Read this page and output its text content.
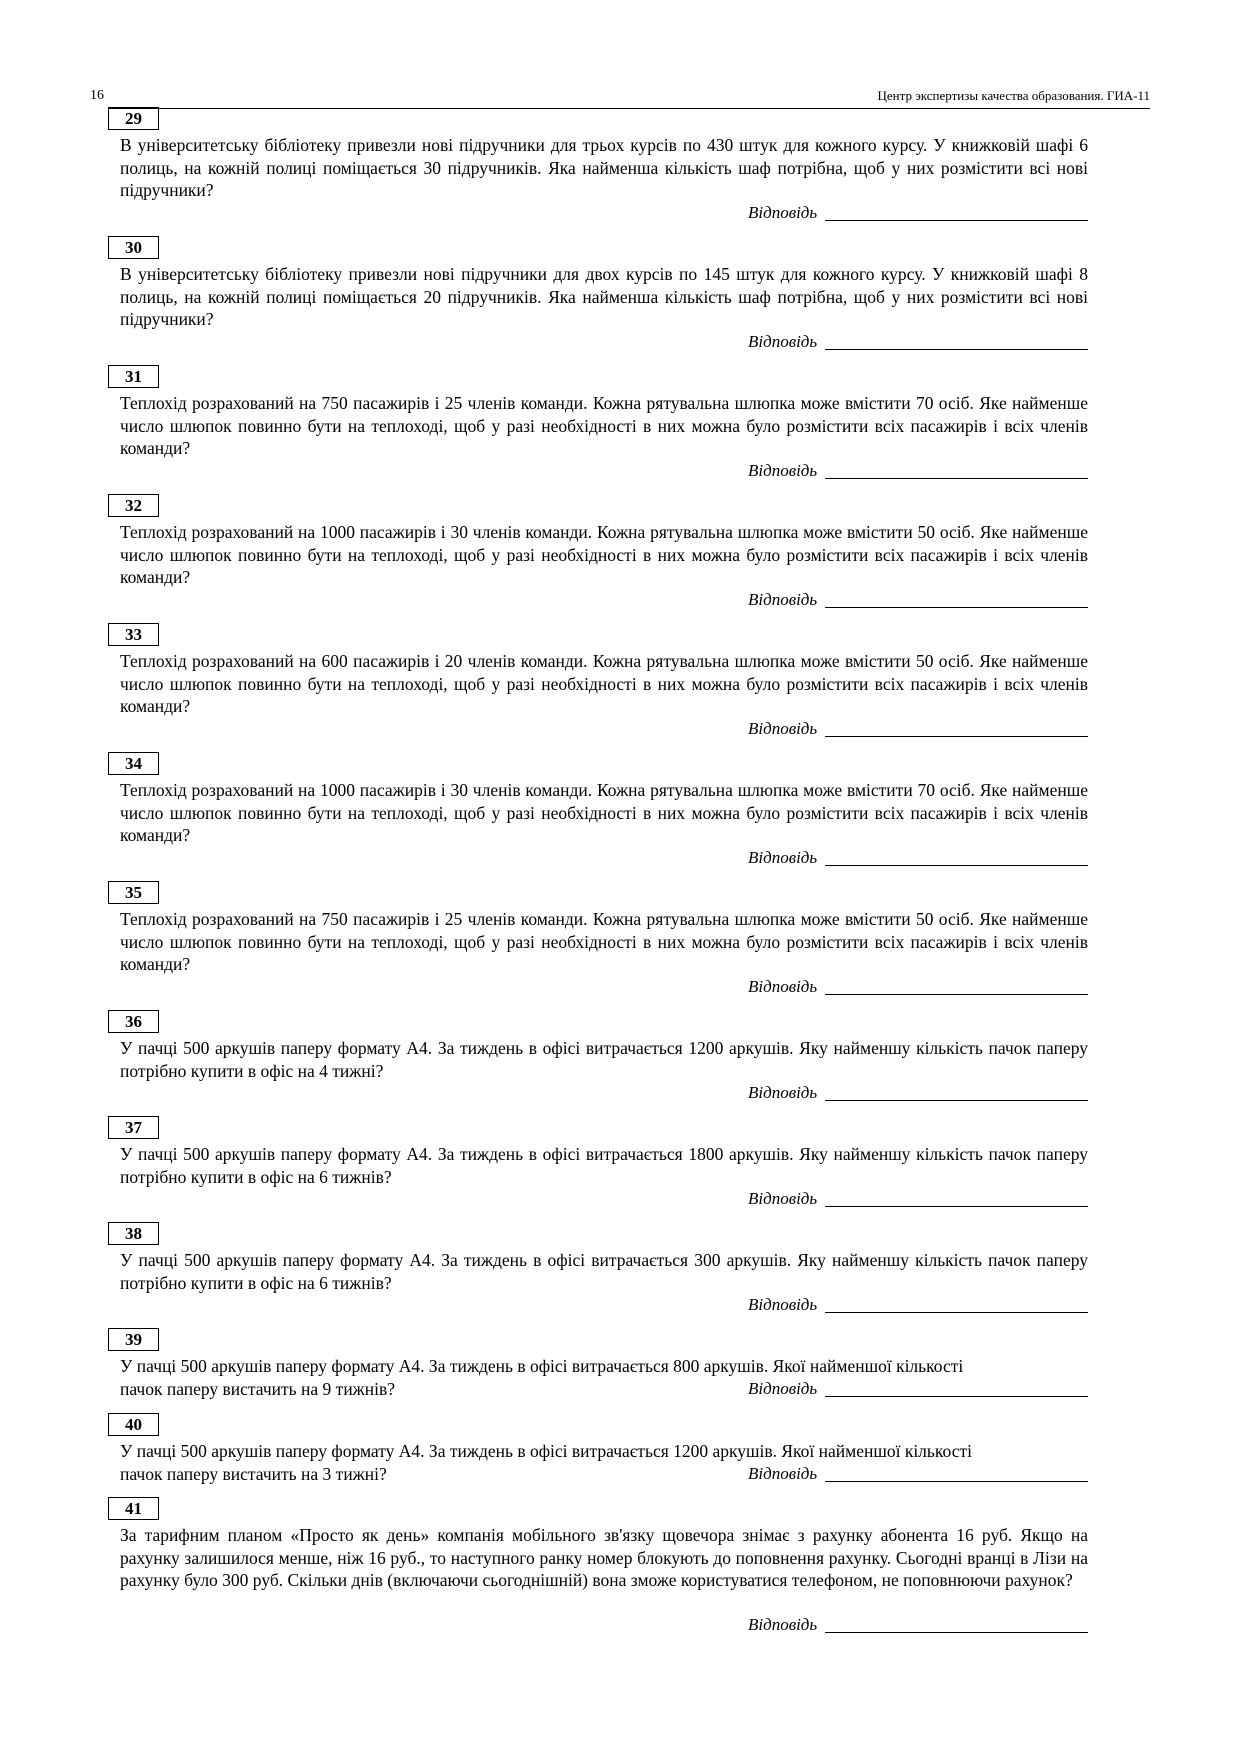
16	Центр экспертизы качества образования. ГИА-11
29
В університетську бібліотеку привезли нові підручники для трьох курсів по 430 штук для кожного курсу. У книжковій шафі 6 полиць, на кожній полиці поміщається 30 підручників. Яка найменша кількість шаф потрібна, щоб у них розмістити всі нові підручники?
Відповідь
30
В університетську бібліотеку привезли нові підручники для двох курсів по 145 штук для кожного курсу. У книжковій шафі 8 полиць, на кожній полиці поміщається 20 підручників. Яка найменша кількість шаф потрібна, щоб у них розмістити всі нові підручники?
Відповідь
31
Теплохід розрахований на 750 пасажирів і 25 членів команди. Кожна рятувальна шлюпка може вмістити 70 осіб. Яке найменше число шлюпок повинно бути на теплоході, щоб у разі необхідності в них можна було розмістити всіх пасажирів і всіх членів команди?
Відповідь
32
Теплохід розрахований на 1000 пасажирів і 30 членів команди. Кожна рятувальна шлюпка може вмістити 50 осіб. Яке найменше число шлюпок повинно бути на теплоході, щоб у разі необхідності в них можна було розмістити всіх пасажирів і всіх членів команди?
Відповідь
33
Теплохід розрахований на 600 пасажирів і 20 членів команди. Кожна рятувальна шлюпка може вмістити 50 осіб. Яке найменше число шлюпок повинно бути на теплоході, щоб у разі необхідності в них можна було розмістити всіх пасажирів і всіх членів команди?
Відповідь
34
Теплохід розрахований на 1000 пасажирів і 30 членів команди. Кожна рятувальна шлюпка може вмістити 70 осіб. Яке найменше число шлюпок повинно бути на теплоході, щоб у разі необхідності в них можна було розмістити всіх пасажирів і всіх членів команди?
Відповідь
35
Теплохід розрахований на 750 пасажирів і 25 членів команди. Кожна рятувальна шлюпка може вмістити 50 осіб. Яке найменше число шлюпок повинно бути на теплоході, щоб у разі необхідності в них можна було розмістити всіх пасажирів і всіх членів команди?
Відповідь
36
У пачці 500 аркушів паперу формату А4. За тиждень в офісі витрачається 1200 аркушів. Яку найменшу кількість пачок паперу потрібно купити в офіс на 4 тижні?
Відповідь
37
У пачці 500 аркушів паперу формату А4. За тиждень в офісі витрачається 1800 аркушів. Яку найменшу кількість пачок паперу потрібно купити в офіс на 6 тижнів?
Відповідь
38
У пачці 500 аркушів паперу формату А4. За тиждень в офісі витрачається 300 аркушів. Яку найменшу кількість пачок паперу потрібно купити в офіс на 6 тижнів?
Відповідь
39
У пачці 500 аркушів паперу формату А4. За тиждень в офісі витрачається 800 аркушів. Якої найменшої кількості
пачок паперу вистачить на 9 тижнів?	Відповідь
40
У пачці 500 аркушів паперу формату А4. За тиждень в офісі витрачається 1200 аркушів. Якої найменшої кількості
пачок паперу вистачить на 3 тижні?	Відповідь
41
За тарифним планом «Просто як день» компанія мобільного зв'язку щовечора знімає з рахунку абонента 16 руб. Якщо на рахунку залишилося менше, ніж 16 руб., то наступного ранку номер блокують до поповнення рахунку. Сьогодні вранці в Лізи на рахунку було 300 руб. Скільки днів (включаючи сьогоднішній) вона зможе користуватися телефоном, не поповнюючи рахунок?
Відповідь
